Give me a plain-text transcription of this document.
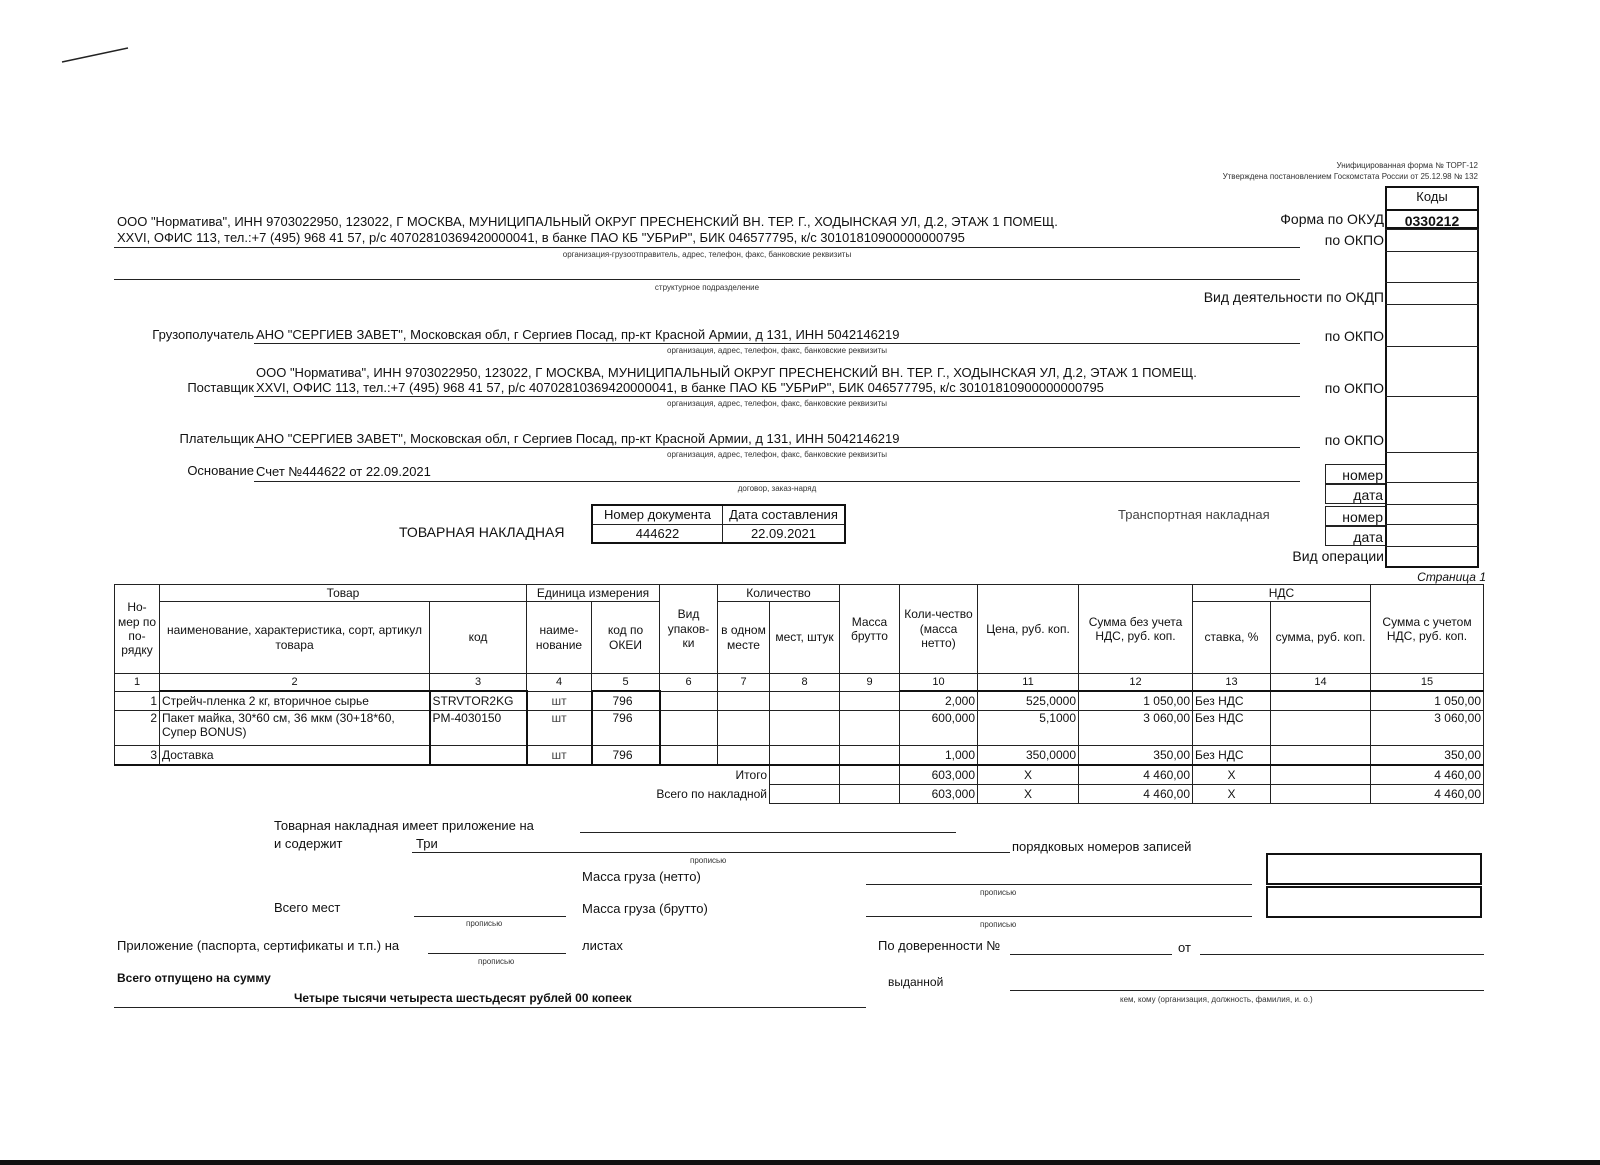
Унифицированная форма № ТОРГ-12
Утверждена постановлением Госкомстата России от 25.12.98 № 132
Коды
0330212
Форма по ОКУД
по ОКПО
Вид деятельности по ОКДП
по ОКПО
по ОКПО
по ОКПО
номер
дата
номер
дата
Вид операции
ООО "Норматива", ИНН 9703022950, 123022, Г МОСКВА, МУНИЦИПАЛЬНЫЙ ОКРУГ ПРЕСНЕНСКИЙ ВН. ТЕР. Г., ХОДЫНСКАЯ УЛ, Д.2, ЭТАЖ 1 ПОМЕЩ.
XXVI, ОФИС 113, тел.:+7 (495) 968 41 57, р/с 40702810369420000041, в банке ПАО КБ "УБРиР", БИК 046577795, к/с 30101810900000000795
организация-грузоотправитель, адрес, телефон, факс, банковские реквизиты
структурное подразделение
Грузополучатель АНО "СЕРГИЕВ ЗАВЕТ", Московская обл, г Сергиев Посад, пр-кт Красной Армии, д 131, ИНН 5042146219
организация, адрес, телефон, факс, банковские реквизиты
ООО "Норматива", ИНН 9703022950, 123022, Г МОСКВА, МУНИЦИПАЛЬНЫЙ ОКРУГ ПРЕСНЕНСКИЙ ВН. ТЕР. Г., ХОДЫНСКАЯ УЛ, Д.2, ЭТАЖ 1 ПОМЕЩ.
Поставщик XXVI, ОФИС 113, тел.:+7 (495) 968 41 57, р/с 40702810369420000041, в банке ПАО КБ "УБРиР", БИК 046577795, к/с 30101810900000000795
организация, адрес, телефон, факс, банковские реквизиты
Плательщик АНО "СЕРГИЕВ ЗАВЕТ", Московская обл, г Сергиев Посад, пр-кт Красной Армии, д 131, ИНН 5042146219
организация, адрес, телефон, факс, банковские реквизиты
Основание Счет №444622 от 22.09.2021
договор, заказ-наряд
Транспортная накладная
ТОВАРНАЯ НАКЛАДНАЯ
Номер документа	Дата составления
444622	22.09.2021
Страница 1
Но-мер по по-рядку	Товар		Единица измерения		Вид упаков-ки	Количество		Масса брутто	Коли-чество (масса нетто)	Цена, руб. коп.	Сумма без учета НДС, руб. коп.	НДС		Сумма с учетом НДС, руб. коп.
	наименование, характеристика, сорт, артикул товара	код	наиме-нование	код по ОКЕИ		в одном месте	мест, штук					ставка, %	сумма, руб. коп.	
1	2	3	4	5	6	7	8	9	10	11	12	13	14	15
1	Стрейч-пленка 2 кг, вторичное сырье	STRVTOR2KG	шт	796					2,000	525,0000	1 050,00	Без НДС		1 050,00
2	Пакет майка, 30*60 см, 36 мкм (30+18*60, Супер BONUS)	PM-4030150	шт	796					600,000	5,1000	3 060,00	Без НДС		3 060,00
3	Доставка		шт	796					1,000	350,0000	350,00	Без НДС		350,00
Итого									603,000	X	4 460,00	X		4 460,00
Всего по накладной									603,000	X	4 460,00	X		4 460,00
Товарная накладная имеет приложение на
и содержит	Три	порядковых номеров записей
прописью
Масса груза (нетто)
прописью
Всего мест
прописью
Масса груза (брутто)
прописью
Приложение (паспорта, сертификаты и т.п.) на
прописью
листах	По доверенности №	от
Всего отпущено на сумму
Четыре тысячи четыреста шестьдесят рублей 00 копеек
выданной
кем, кому (организация, должность, фамилия, и. о.)
